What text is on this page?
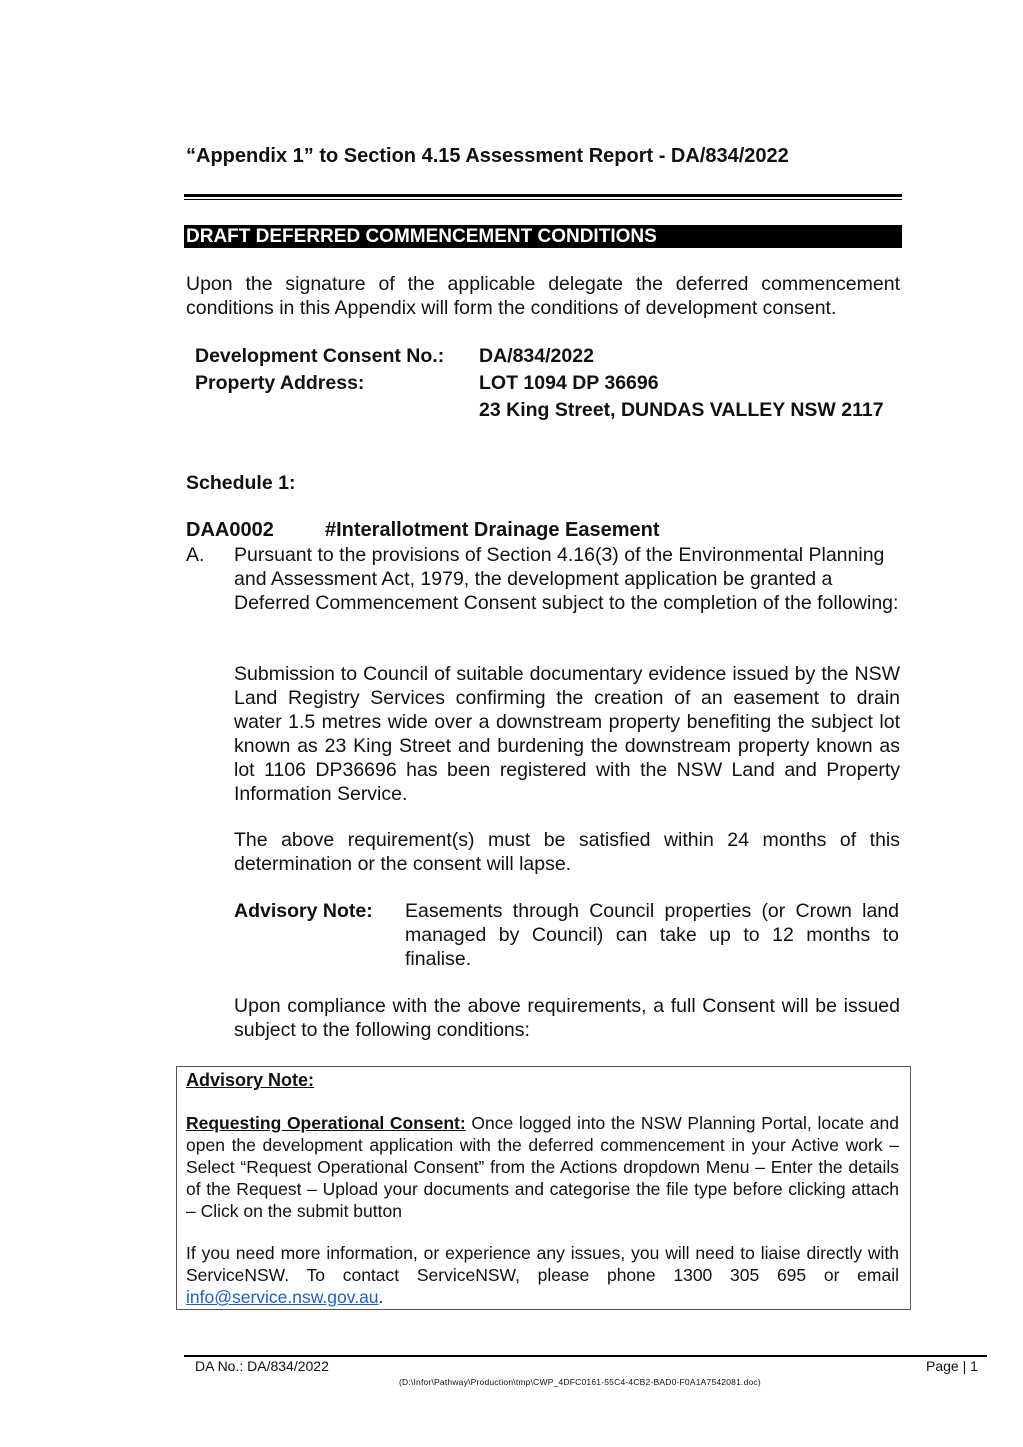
“Appendix 1” to Section 4.15 Assessment Report - DA/834/2022
DRAFT DEFERRED COMMENCEMENT CONDITIONS
Upon the signature of the applicable delegate the deferred commencement conditions in this Appendix will form the conditions of development consent.
Development Consent No.: DA/834/2022
Property Address:	LOT 1094 DP 36696
23 King Street, DUNDAS VALLEY NSW 2117
Schedule 1:
DAA0002	#Interallotment Drainage Easement
A. Pursuant to the provisions of Section 4.16(3) of the Environmental Planning and Assessment Act, 1979, the development application be granted a Deferred Commencement Consent subject to the completion of the following:
Submission to Council of suitable documentary evidence issued by the NSW Land Registry Services confirming the creation of an easement to drain water 1.5 metres wide over a downstream property benefiting the subject lot known as 23 King Street and burdening the downstream property known as lot 1106 DP36696 has been registered with the NSW Land and Property Information Service.
The above requirement(s) must be satisfied within 24 months of this determination or the consent will lapse.
Advisory Note: Easements through Council properties (or Crown land managed by Council) can take up to 12 months to finalise.
Upon compliance with the above requirements, a full Consent will be issued subject to the following conditions:
Advisory Note:
Requesting Operational Consent: Once logged into the NSW Planning Portal, locate and open the development application with the deferred commencement in your Active work – Select “Request Operational Consent” from the Actions dropdown Menu – Enter the details of the Request – Upload your documents and categorise the file type before clicking attach – Click on the submit button
If you need more information, or experience any issues, you will need to liaise directly with ServiceNSW. To contact ServiceNSW, please phone 1300 305 695 or email info@service.nsw.gov.au.
DA No.: DA/834/2022	Page | 1
(D:\Infor\Pathway\Production\tmp\CWP_4DFC0161-55C4-4CB2-BAD0-F0A1A7542081.doc)
